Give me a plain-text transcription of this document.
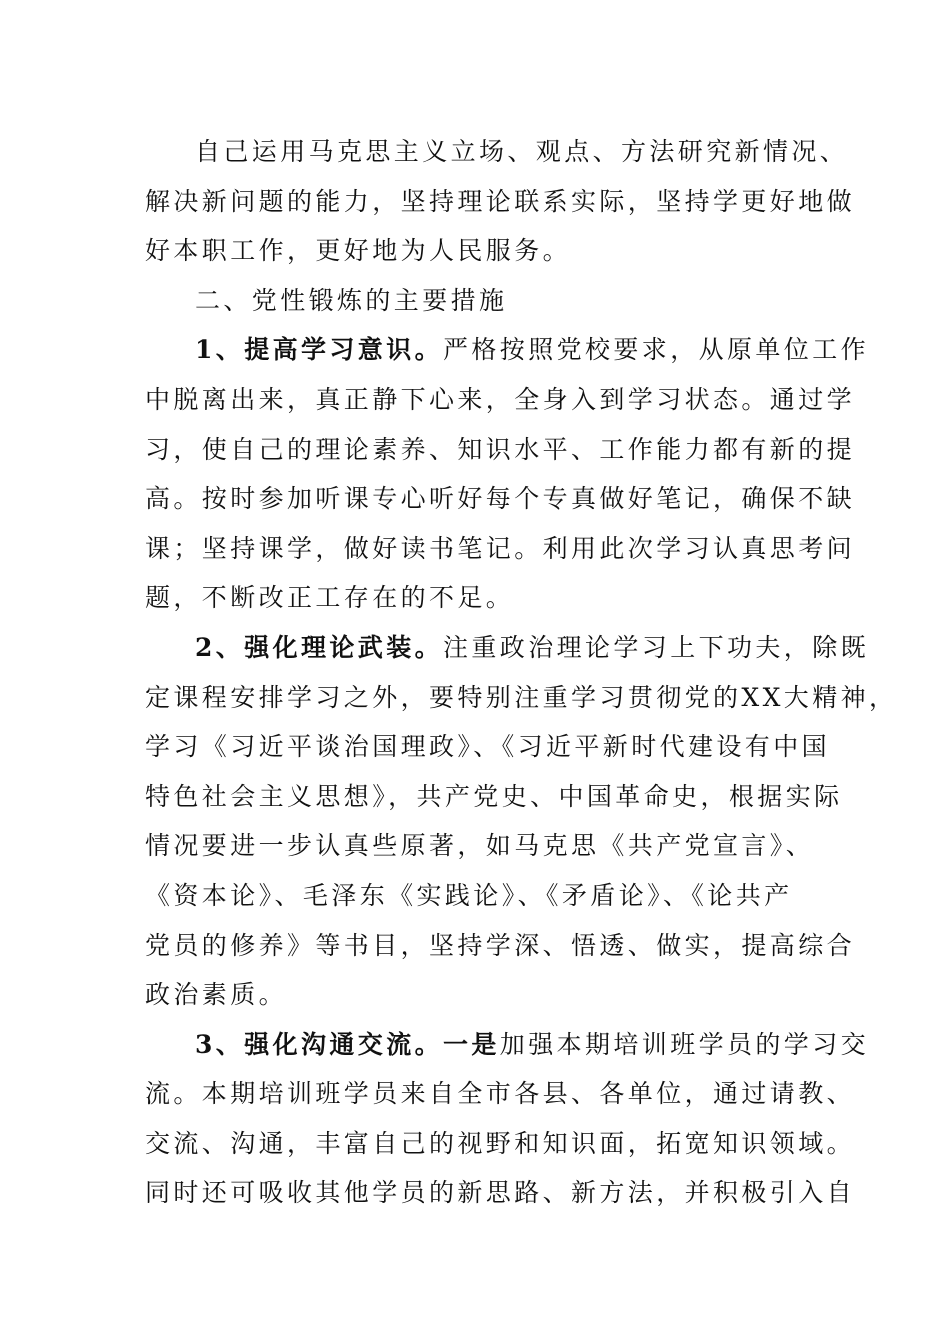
自己运用马克思主义立场、观点、方法研究新情况、
解决新问题的能力，坚持理论联系实际，坚持学更好地做
好本职工作，更好地为人民服务。
二、党性锻炼的主要措施
1、提高学习意识。严格按照党校要求，从原单位工作
中脱离出来，真正静下心来，全身入到学习状态。通过学
习，使自己的理论素养、知识水平、工作能力都有新的提
高。按时参加听课专心听好每个专真做好笔记，确保不缺
课；坚持课学，做好读书笔记。利用此次学习认真思考问
题，不断改正工存在的不足。
2、强化理论武装。注重政治理论学习上下功夫，除既
定课程安排学习之外，要特别注重学习贯彻党的XX大精神，
学习《习近平谈治国理政》、《习近平新时代建设有中国
特色社会主义思想》，共产党史、中国革命史，根据实际
情况要进一步认真些原著，如马克思《共产党宣言》、
《资本论》、毛泽东《实践论》、《矛盾论》、《论共产
党员的修养》等书目，坚持学深、悟透、做实，提高综合
政治素质。
3、强化沟通交流。一是加强本期培训班学员的学习交
流。本期培训班学员来自全市各县、各单位，通过请教、
交流、沟通，丰富自己的视野和知识面，拓宽知识领域。
同时还可吸收其他学员的新思路、新方法，并积极引入自
